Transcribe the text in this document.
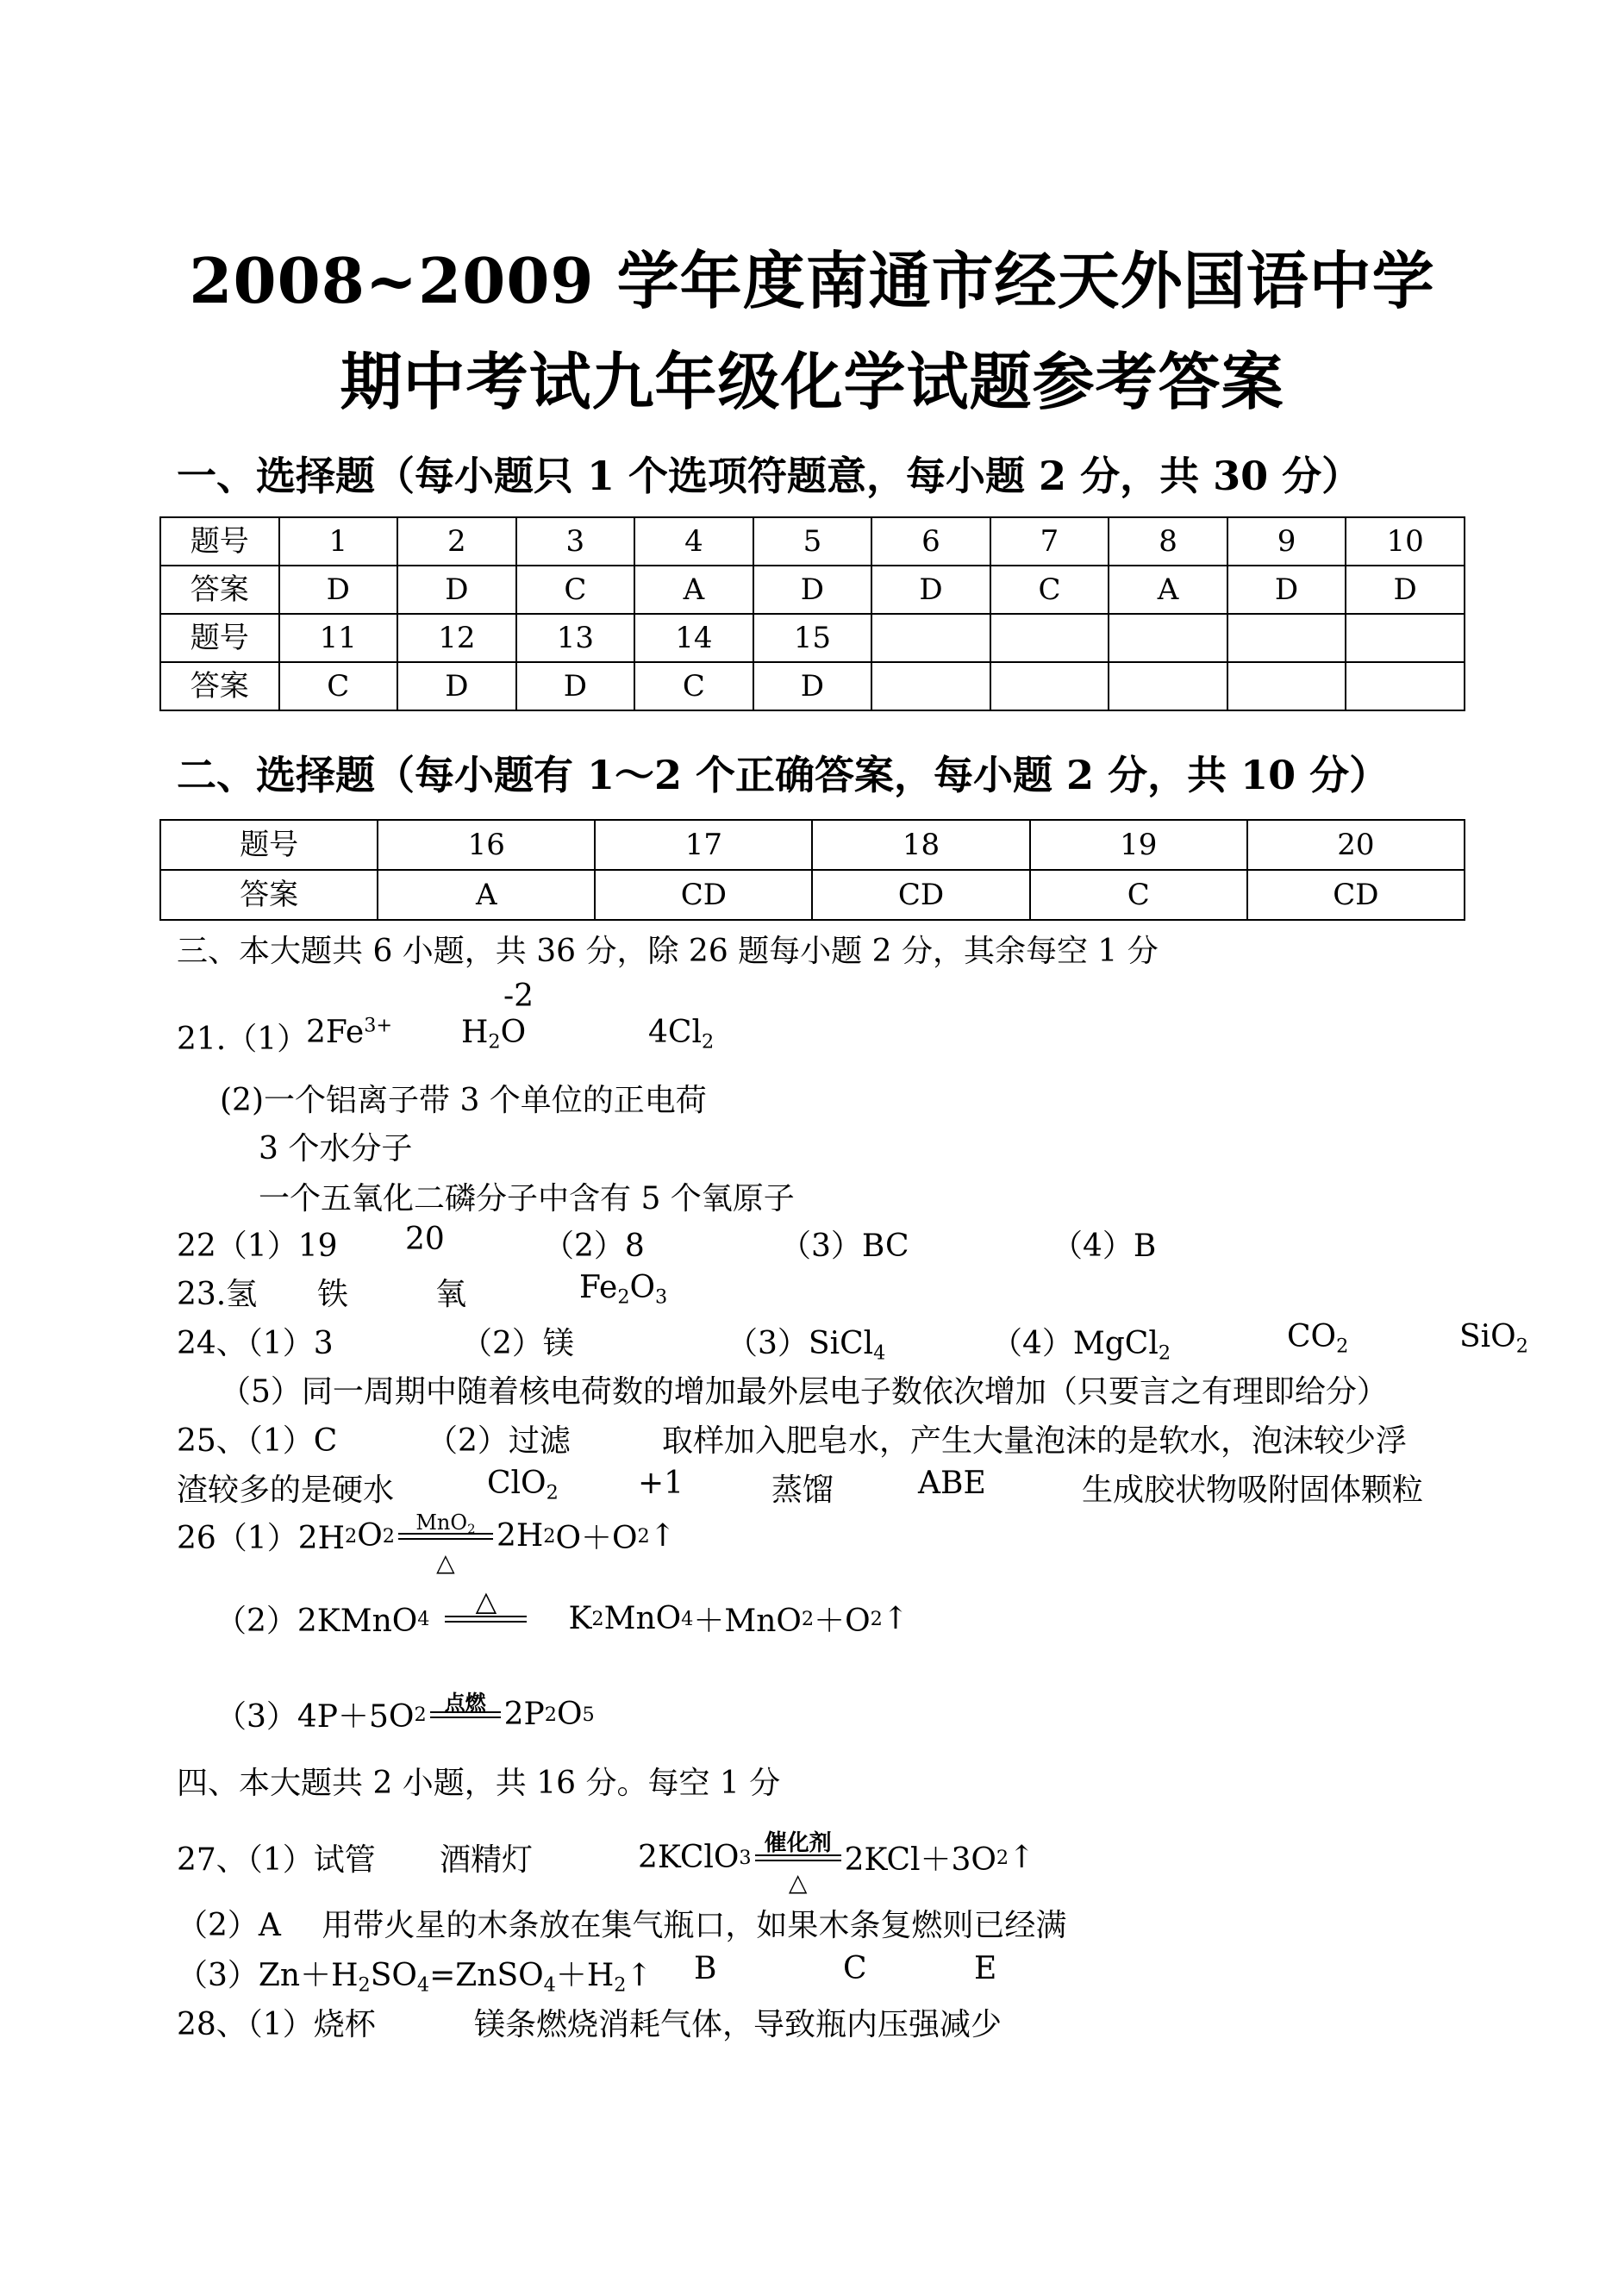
2008~2009 学年度南通市经天外国语中学
期中考试九年级化学试题参考答案
一、选择题（每小题只 1 个选项符题意，每小题 2 分，共 30 分）
题号	1	2	3	4	5	6	7	8	9	10
答案	D	D	C	A	D	D	C	A	D	D
题号	11	12	13	14	15					
答案	C	D	D	C	D					
二、选择题（每小题有 1～2 个正确答案，每小题 2 分，共 10 分）
题号	16	17	18	19	20
答案	A	CD	CD	C	CD
三、本大题共 6 小题，共 36 分，除 26 题每小题 2 分，其余每空 1 分
21.（1）
$2Fe^{3+}$
-2
$H_2O$	$4Cl_2$
(2)一个铝离子带 3 个单位的正电荷
3 个水分子
一个五氧化二磷分子中含有 5 个氧原子
22（1）19 20	（2）8	（3）BC	（4）B
23.氢 铁	氧	$Fe_2O_3$
24、（1）3	（2）镁	（3）SiCl$_4$	（4）MgCl$_2$	$CO_2$	SiO$_2$
（5）同一周期中随着核电荷数的增加最外层电子数依次增加（只要言之有理即给分）
25、（1）C	（2）过滤	取样加入肥皂水，产生大量泡沫的是软水，泡沫较少浮
渣较多的是硬水	ClO$_2$	+1	蒸馏	ABE	生成胶状物吸附固体颗粒
26（1）2H 2 O 2
MnO$_2$
△
2H 2 O＋O 2 ↑
（2）2KMnO 4
△
K 2 MnO 4 ＋MnO 2 ＋O 2 ↑
（3）4P＋5O 2 点燃 2P 2 O 5
四、本大题共 2 小题，共 16 分。每空 1 分
27、（1）试管 酒精灯	2KClO 3
催化剂
△
2KCl＋3O 2 ↑
（2）A　 用带火星的木条放在集气瓶口，如果木条复燃则已经满
$(3)Zn+H_2SO_4=ZnSO_4+H_2↑$ B	C	E
28、（1）烧杯	镁条燃烧消耗气体，导致瓶内压强减少
